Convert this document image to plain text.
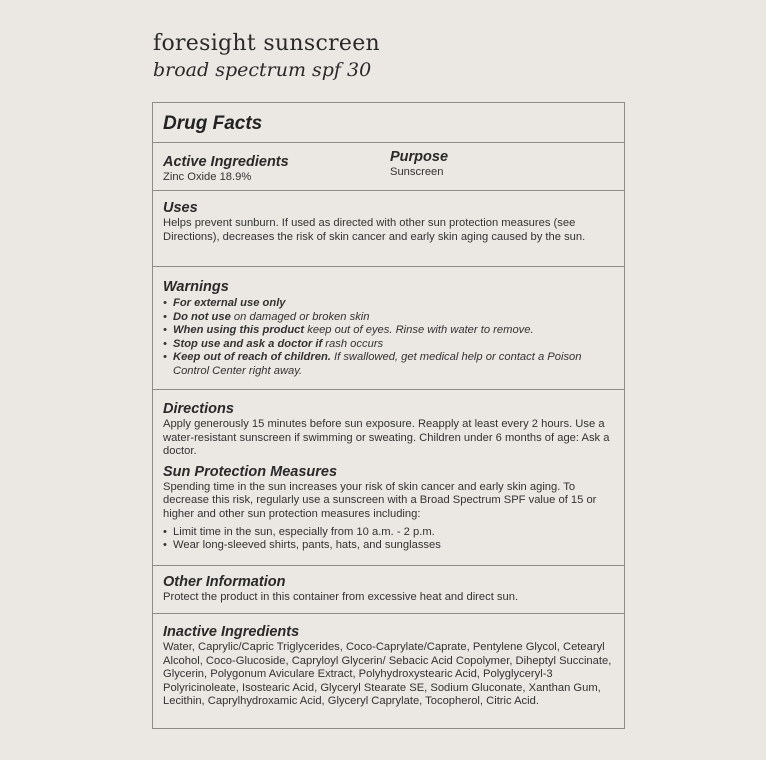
foresight sunscreen
broad spectrum spf 30
Drug Facts
Active Ingredients
Zinc Oxide 18.9%
Purpose
Sunscreen
Uses
Helps prevent sunburn. If used as directed with other sun protection measures (see Directions), decreases the risk of skin cancer and early skin aging caused by the sun.
Warnings
• For external use only
• Do not use on damaged or broken skin
• When using this product keep out of eyes. Rinse with water to remove.
• Stop use and ask a doctor if rash occurs
• Keep out of reach of children. If swallowed, get medical help or contact a Poison Control Center right away.
Directions
Apply generously 15 minutes before sun exposure. Reapply at least every 2 hours. Use a water-resistant sunscreen if swimming or sweating. Children under 6 months of age: Ask a doctor.
Sun Protection Measures
Spending time in the sun increases your risk of skin cancer and early skin aging. To decrease this risk, regularly use a sunscreen with a Broad Spectrum SPF value of 15 or higher and other sun protection measures including:
• Limit time in the sun, especially from 10 a.m. - 2 p.m.
• Wear long-sleeved shirts, pants, hats, and sunglasses
Other Information
Protect the product in this container from excessive heat and direct sun.
Inactive Ingredients
Water, Caprylic/Capric Triglycerides, Coco-Caprylate/Caprate, Pentylene Glycol, Cetearyl Alcohol, Coco-Glucoside, Capryloyl Glycerin/ Sebacic Acid Copolymer, Diheptyl Succinate, Glycerin, Polygonum Aviculare Extract, Polyhydroxystearic Acid, Polyglyceryl-3 Polyricinoleate, Isostearic Acid, Glyceryl Stearate SE, Sodium Gluconate, Xanthan Gum, Lecithin, Caprylhydroxamic Acid, Glyceryl Caprylate, Tocopherol, Citric Acid.
